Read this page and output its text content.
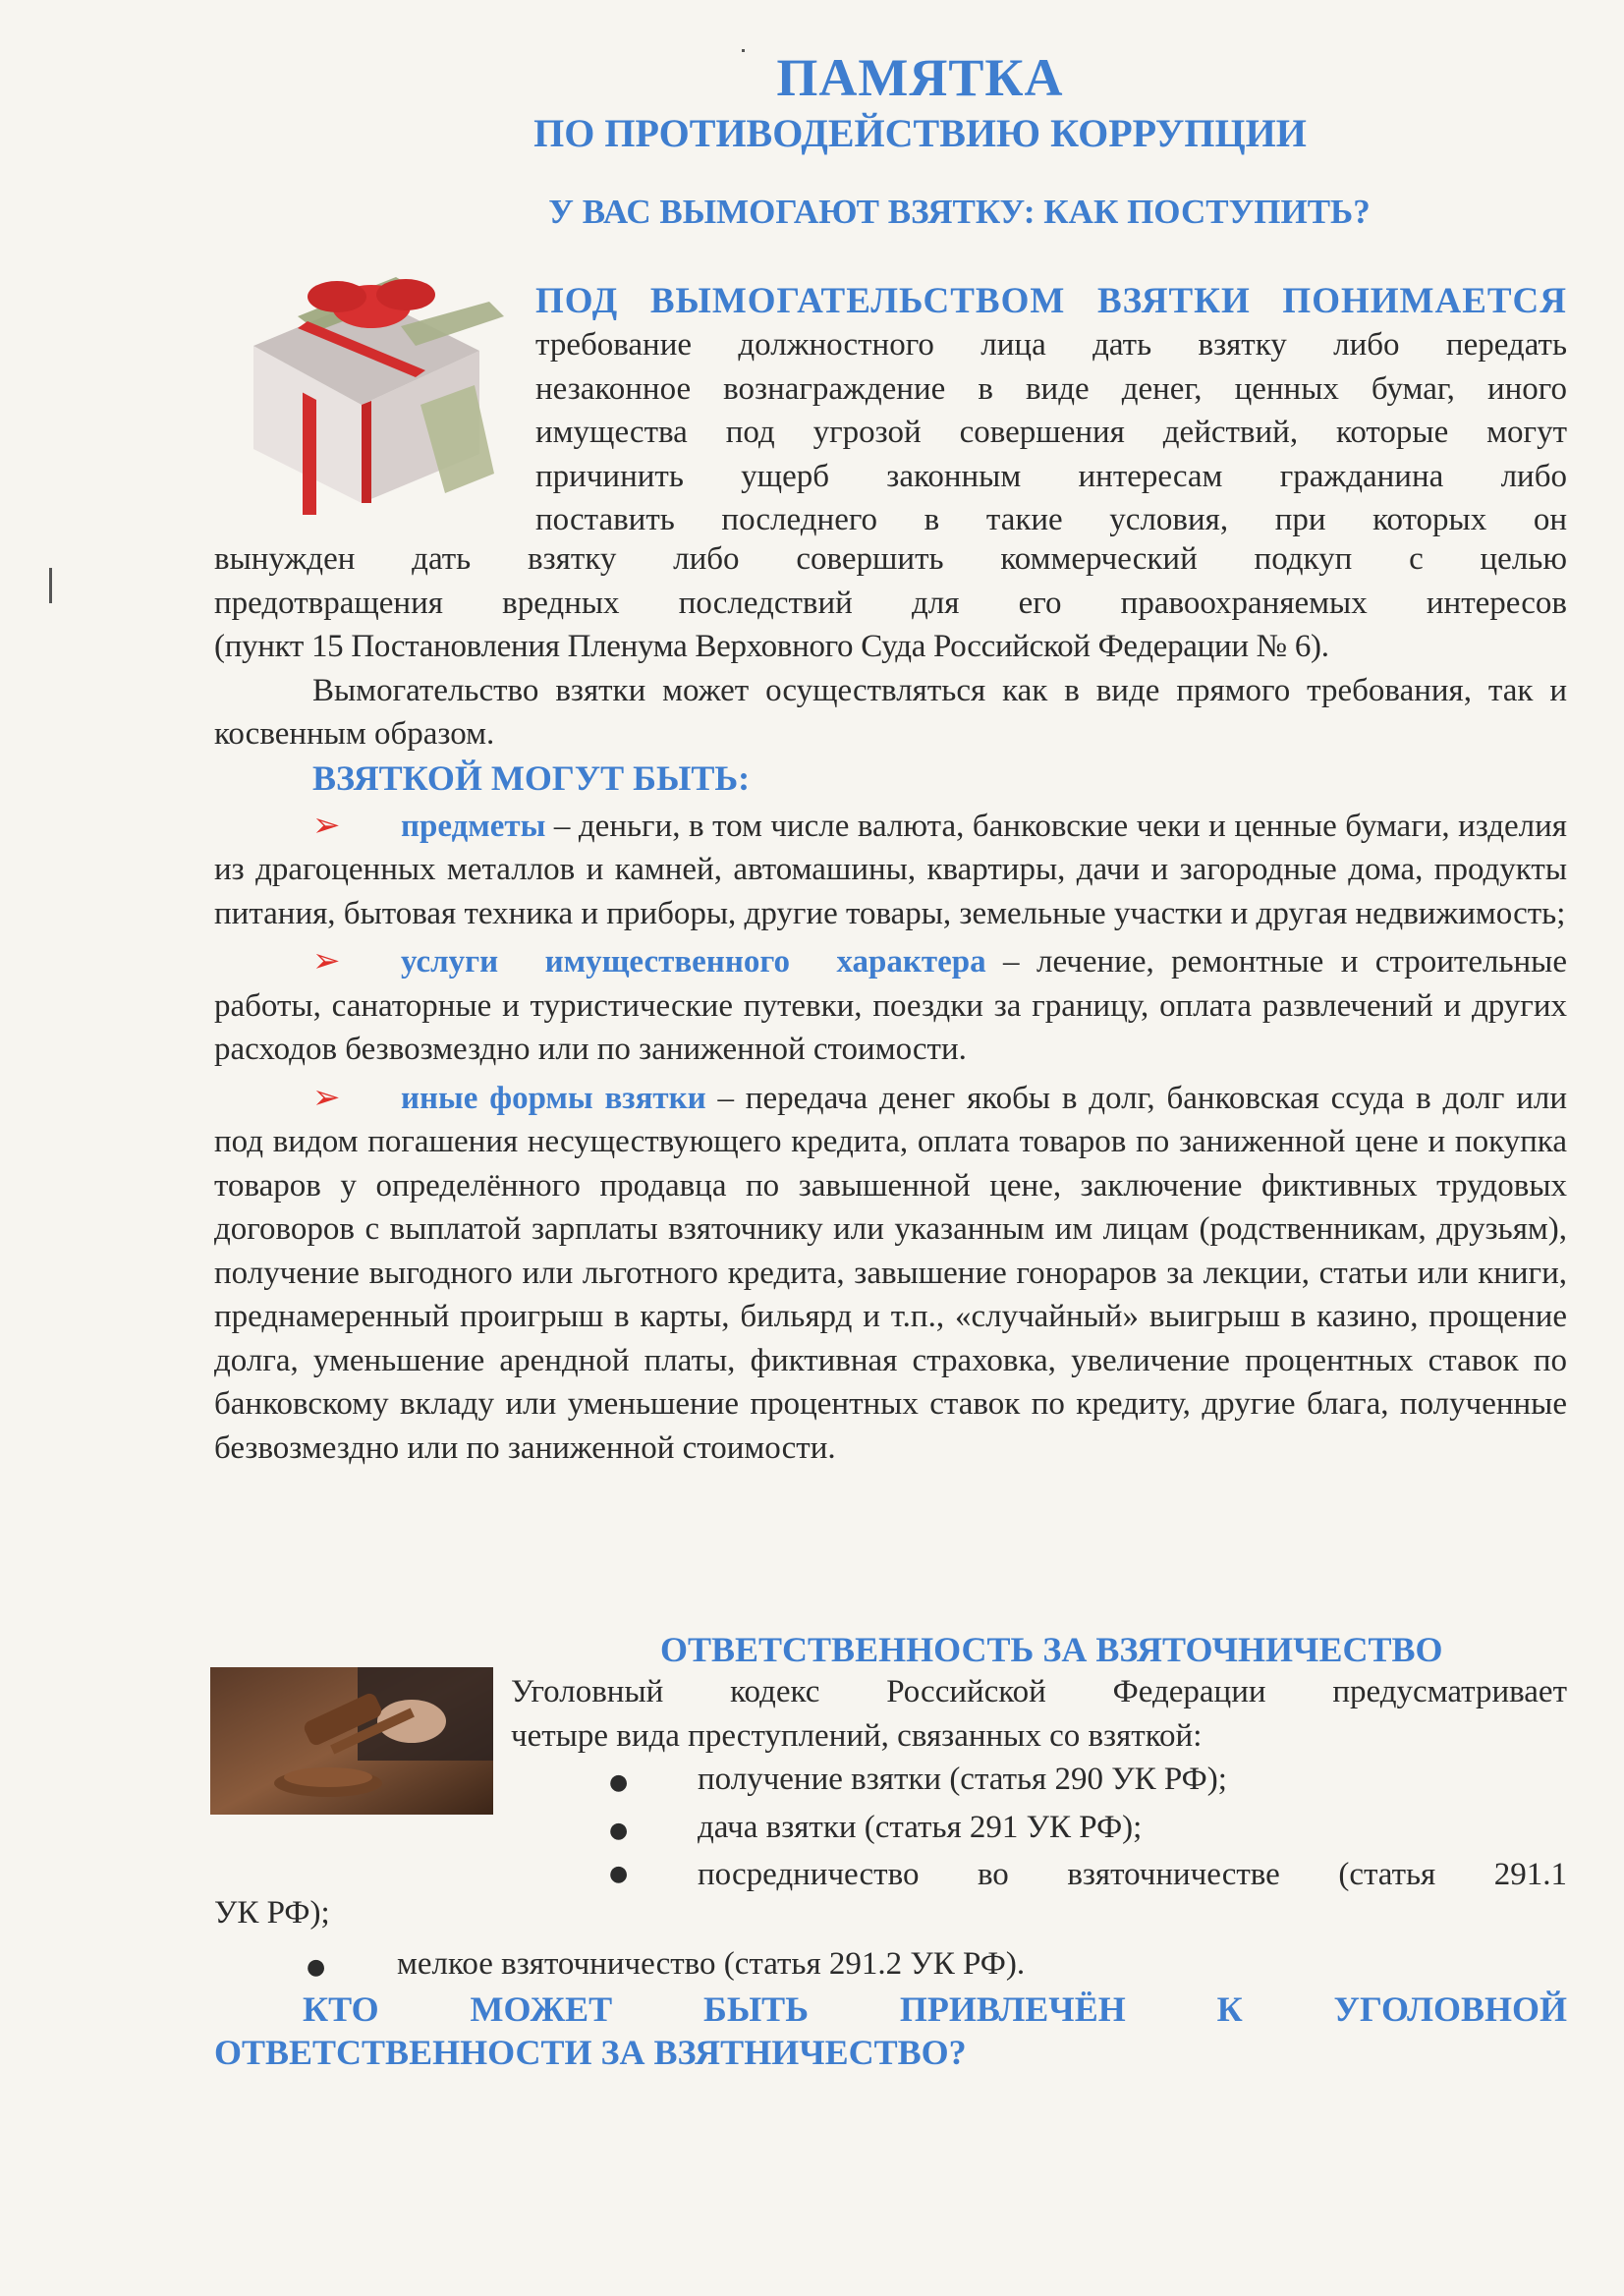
ПАМЯТКА
ПО ПРОТИВОДЕЙСТВИЮ КОРРУПЦИИ
У ВАС ВЫМОГАЮТ ВЗЯТКУ: КАК ПОСТУПИТЬ?
ПОД ВЫМОГАТЕЛЬСТВОМ ВЗЯТКИ ПОНИМАЕТСЯ
требование должностного лица дать взятку либо передать
незаконное вознаграждение в виде денег, ценных бумаг, иного
имущества под угрозой совершения действий, которые могут
причинить ущерб законным интересам гражданина либо
поставить последнего в такие условия, при которых он
вынужден дать взятку либо совершить коммерческий подкуп с целью
предотвращения вредных последствий для его правоохраняемых интересов
(пункт 15 Постановления Пленума Верховного Суда Российской Федерации № 6).
Вымогательство взятки может осуществляться как в виде прямого требования, так и косвенным образом.
ВЗЯТКОЙ МОГУТ БЫТЬ:
➢ предметы – деньги, в том числе валюта, банковские чеки и ценные бумаги, изделия из драгоценных металлов и камней, автомашины, квартиры, дачи и загородные дома, продукты питания, бытовая техника и приборы, другие товары, земельные участки и другая недвижимость;
➢ услуги имущественного характера – лечение, ремонтные и строительные работы, санаторные и туристические путевки, поездки за границу, оплата развлечений и других расходов безвозмездно или по заниженной стоимости.
➢ иные формы взятки – передача денег якобы в долг, банковская ссуда в долг или под видом погашения несуществующего кредита, оплата товаров по заниженной цене и покупка товаров у определённого продавца по завышенной цене, заключение фиктивных трудовых договоров с выплатой зарплаты взяточнику или указанным им лицам (родственникам, друзьям), получение выгодного или льготного кредита, завышение гонораров за лекции, статьи или книги, преднамеренный проигрыш в карты, бильярд и т.п., «случайный» выигрыш в казино, прощение долга, уменьшение арендной платы, фиктивная страховка, увеличение процентных ставок по банковскому вкладу или уменьшение процентных ставок по кредиту, другие блага, полученные безвозмездно или по заниженной стоимости.
ОТВЕТСТВЕННОСТЬ ЗА ВЗЯТОЧНИЧЕСТВО
Уголовный кодекс Российской Федерации предусматривает
четыре вида преступлений, связанных со взяткой:
● получение взятки (статья 290 УК РФ);
● дача взятки (статья 291 УК РФ);
●	посредничество во взяточничестве (статья 291.1
УК РФ);
● мелкое взяточничество (статья 291.2 УК РФ).
КТО МОЖЕТ БЫТЬ ПРИВЛЕЧЁН К УГОЛОВНОЙ
ОТВЕТСТВЕННОСТИ ЗА ВЗЯТНИЧЕСТВО?
